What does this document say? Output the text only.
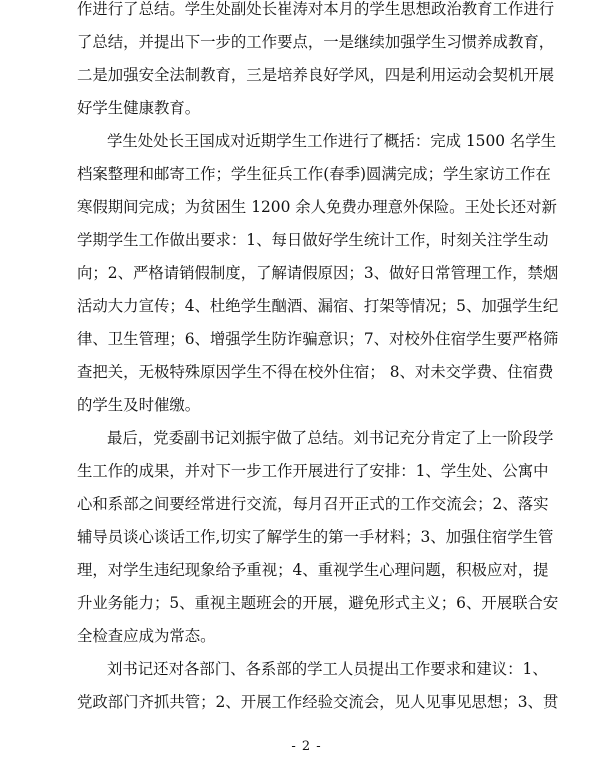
作进行了总结。学生处副处长崔涛对本月的学生思想政治教育工作进行
了总结，并提出下一步的工作要点，一是继续加强学生习惯养成教育，
二是加强安全法制教育，三是培养良好学风，四是利用运动会契机开展
好学生健康教育。
学生处处长王国成对近期学生工作进行了概括：完成 1500 名学生
档案整理和邮寄工作；学生征兵工作(春季)圆满完成；学生家访工作在
寒假期间完成；为贫困生 1200 余人免费办理意外保险。王处长还对新
学期学生工作做出要求：1、每日做好学生统计工作，时刻关注学生动
向；2、严格请销假制度，了解请假原因；3、做好日常管理工作，禁烟
活动大力宣传；4、杜绝学生酗酒、漏宿、打架等情况；5、加强学生纪
律、卫生管理；6、增强学生防诈骗意识；7、对校外住宿学生要严格筛
查把关，无极特殊原因学生不得在校外住宿； 8、对未交学费、住宿费
的学生及时催缴。
最后，党委副书记刘振宇做了总结。刘书记充分肯定了上一阶段学
生工作的成果，并对下一步工作开展进行了安排：1、学生处、公寓中
心和系部之间要经常进行交流，每月召开正式的工作交流会；2、落实
辅导员谈心谈话工作,切实了解学生的第一手材料；3、加强住宿学生管
理，对学生违纪现象给予重视；4、重视学生心理问题，积极应对，提
升业务能力；5、重视主题班会的开展，避免形式主义；6、开展联合安
全检查应成为常态。
刘书记还对各部门、各系部的学工人员提出工作要求和建议：1、
党政部门齐抓共管；2、开展工作经验交流会，见人见事见思想；3、贯
- 2 -
